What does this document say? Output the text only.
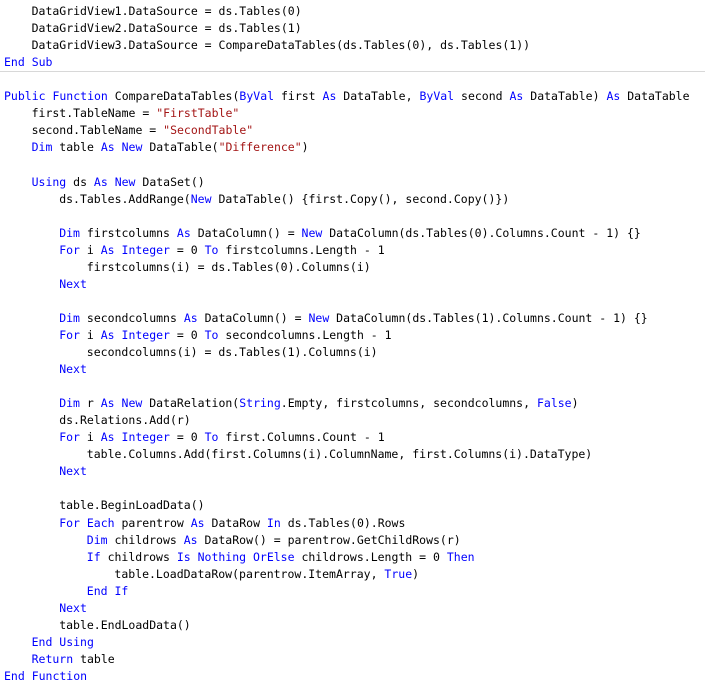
DataGridView1.DataSource = ds.Tables(0)
DataGridView2.DataSource = ds.Tables(1)
DataGridView3.DataSource = CompareDataTables(ds.Tables(0), ds.Tables(1))
End Sub
Public Function CompareDataTables(ByVal first As DataTable, ByVal second As DataTable) As DataTable
first.TableName = "FirstTable"
second.TableName = "SecondTable"
Dim table As New DataTable("Difference")
Using ds As New DataSet()
ds.Tables.AddRange(New DataTable() {first.Copy(), second.Copy()})
Dim firstcolumns As DataColumn() = New DataColumn(ds.Tables(0).Columns.Count - 1) {}
For i As Integer = 0 To firstcolumns.Length - 1
firstcolumns(i) = ds.Tables(0).Columns(i)
Next
Dim secondcolumns As DataColumn() = New DataColumn(ds.Tables(1).Columns.Count - 1) {}
For i As Integer = 0 To secondcolumns.Length - 1
secondcolumns(i) = ds.Tables(1).Columns(i)
Next
Dim r As New DataRelation(String.Empty, firstcolumns, secondcolumns, False)
ds.Relations.Add(r)
For i As Integer = 0 To first.Columns.Count - 1
table.Columns.Add(first.Columns(i).ColumnName, first.Columns(i).DataType)
Next
table.BeginLoadData()
For Each parentrow As DataRow In ds.Tables(0).Rows
Dim childrows As DataRow() = parentrow.GetChildRows(r)
If childrows Is Nothing OrElse childrows.Length = 0 Then
table.LoadDataRow(parentrow.ItemArray, True)
End If
Next
table.EndLoadData()
End Using
Return table
End Function
